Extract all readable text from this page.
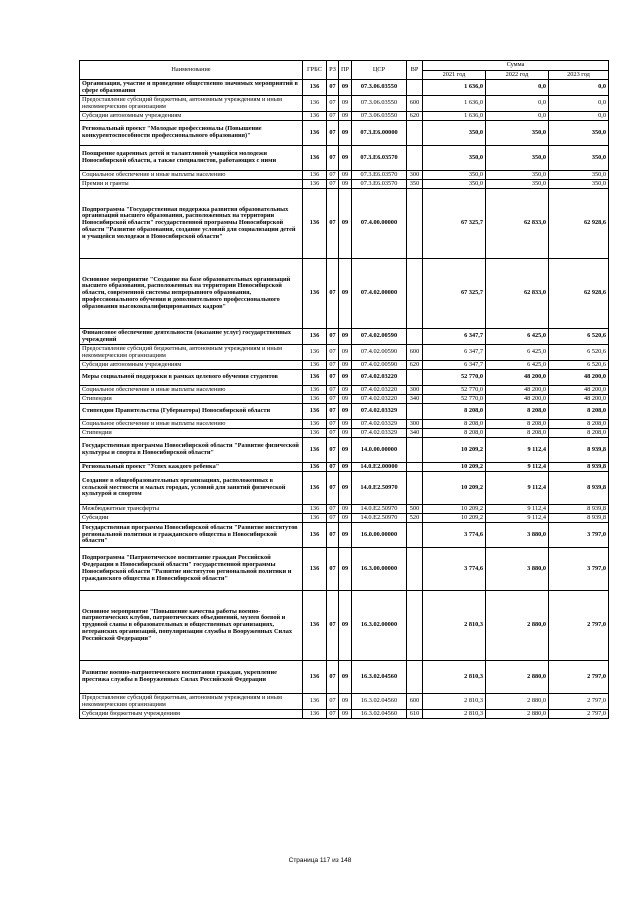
Наименование	ГРБС	РЗ	ПР	ЦСР	ВР	Сумма		
						2021 год	2022 год	2023 год
Организация, участие и проведение общественно значимых мероприятий в сфере образования	136	07	09	07.3.06.03550		1 636,0	0,0	0,0
Предоставление субсидий бюджетным, автономным учреждениям и иным некоммерческим организациям	136	07	09	07.3.06.03550	600	1 636,0	0,0	0,0
Субсидии автономным учреждениям	136	07	09	07.3.06.03550	620	1 636,0	0,0	0,0
Региональный проект "Молодые профессионалы (Повышение конкурентоспособности профессионального образования)"	136	07	09	07.3.Е6.00000		350,0	350,0	350,0
Поощрение одаренных детей и талантливой учащейся молодежи Новосибирской области, а также специалистов, работающих с ними	136	07	09	07.3.Е6.03570		350,0	350,0	350,0
Социальное обеспечение и иные выплаты населению	136	07	09	07.3.Е6.03570	300	350,0	350,0	350,0
Премии и гранты	136	07	09	07.3.Е6.03570	350	350,0	350,0	350,0
Подпрограмма "Государственная поддержка развития образовательных организаций высшего образования, расположенных на территории Новосибирской области" государственной программы Новосибирской области "Развитие образования, создание условий для социализации детей и учащейся молодежи в Новосибирской области"	136	07	09	07.4.00.00000		67 325,7	62 833,0	62 928,6
Основное мероприятие "Создание на базе образовательных организаций высшего образования, расположенных на территории Новосибирской области, современной системы непрерывного образования, профессионального обучения и дополнительного профессионального образования высококвалифицированных кадров"	136	07	09	07.4.02.00000		67 325,7	62 833,0	62 928,6
Финансовое обеспечение деятельности (оказание услуг) государственных учреждений	136	07	09	07.4.02.00590		6 347,7	6 425,0	6 520,6
Предоставление субсидий бюджетным, автономным учреждениям и иным некоммерческим организациям	136	07	09	07.4.02.00590	600	6 347,7	6 425,0	6 520,6
Субсидии автономным учреждениям	136	07	09	07.4.02.00590	620	6 347,7	6 425,0	6 520,6
Меры социальной поддержки в рамках целевого обучения студентов	136	07	09	07.4.02.03220		52 770,0	48 200,0	48 200,0
Социальное обеспечение и иные выплаты населению	136	07	09	07.4.02.03220	300	52 770,0	48 200,0	48 200,0
Стипендии	136	07	09	07.4.02.03220	340	52 770,0	48 200,0	48 200,0
Стипендии Правительства (Губернатора) Новосибирской области	136	07	09	07.4.02.03329		8 208,0	8 208,0	8 208,0
Социальное обеспечение и иные выплаты населению	136	07	09	07.4.02.03329	300	8 208,0	8 208,0	8 208,0
Стипендии	136	07	09	07.4.02.03329	340	8 208,0	8 208,0	8 208,0
Государственная программа Новосибирской области "Развитие физической культуры и спорта в Новосибирской области"	136	07	09	14.0.00.00000		10 209,2	9 112,4	8 939,8
Региональный проект "Успех каждого ребенка"	136	07	09	14.0.Е2.00000		10 209,2	9 112,4	8 939,8
Создание в общеобразовательных организациях, расположенных в сельской местности и малых городах, условий для занятий физической культурой и спортом	136	07	09	14.0.Е2.50970		10 209,2	9 112,4	8 939,8
Межбюджетные трансферты	136	07	09	14.0.Е2.50970	500	10 209,2	9 112,4	8 939,8
Субсидии	136	07	09	14.0.Е2.50970	520	10 209,2	9 112,4	8 939,8
Государственная программа Новосибирской области "Развитие институтов региональной политики и гражданского общества в Новосибирской области"	136	07	09	16.0.00.00000		3 774,6	3 880,0	3 797,0
Подпрограмма "Патриотическое воспитание граждан Российской Федерации в Новосибирской области" государственной программы Новосибирской области "Развитие институтов региональной политики и гражданского общества в Новосибирской области"	136	07	09	16.3.00.00000		3 774,6	3 880,0	3 797,0
Основное мероприятие "Повышение качества работы военно-патриотических клубов, патриотических объединений, музеев боевой и трудовой славы в образовательных и общественных организациях, ветеранских организаций, популяризации службы в Вооруженных Силах Российской Федерации"	136	07	09	16.3.02.00000		2 810,3	2 880,0	2 797,0
Развитие военно-патриотического воспитания граждан, укрепление престижа службы в Вооруженных Силах Российской Федерации	136	07	09	16.3.02.04560		2 810,3	2 880,0	2 797,0
Предоставление субсидий бюджетным, автономным учреждениям и иным некоммерческим организациям	136	07	09	16.3.02.04560	600	2 810,3	2 880,0	2 797,0
Субсидии бюджетным учреждениям	136	07	09	16.3.02.04560	610	2 810,3	2 880,0	2 797,0
Страница 117 из 148
